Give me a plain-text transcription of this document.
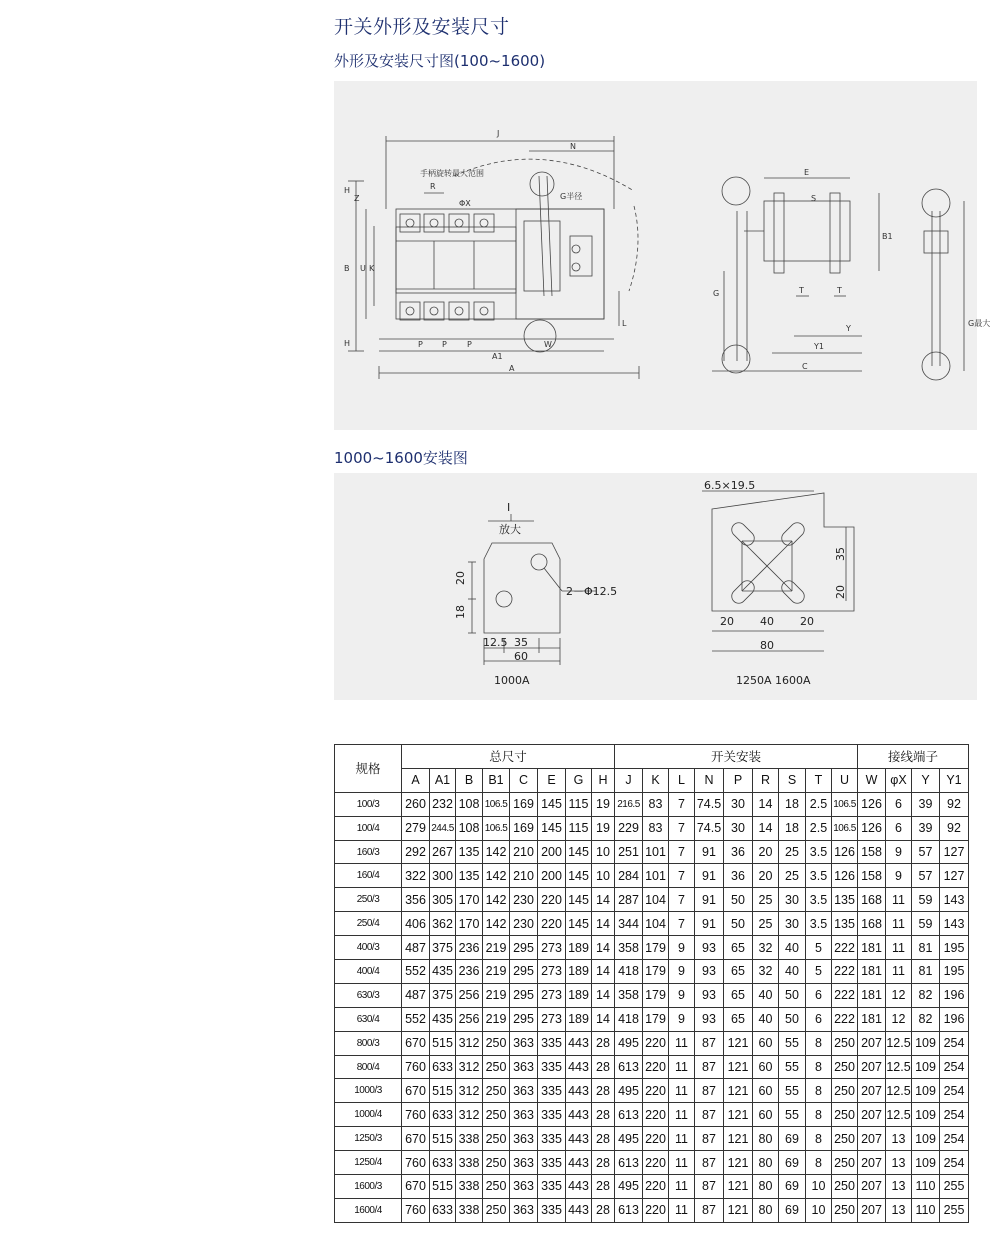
开关外形及安装尺寸
外形及安装尺寸图(100~1600)
手柄旋转最大范围
J
N
R
ΦX
G半径
H
Z
B U K
H	P P	P
A1
W
A
L
E
S
B1
G	T	T
Y
Y1
C
G最大
1000~1600安装图
I
放大
2－Φ12.5
20
18
12.5 35
60
1000A
6.5×19.5
35
20
20 40 20
80
1250A 1600A
规格	总尺寸								开关安装									接线端子			
	A	A1	B	B1	C	E	G	H	J	K	L	N	P	R	S	T	U	W	φX	Y	Y1
100/3	260	232	108	106.5	169	145	115	19	216.5	83	7	74.5	30	14	18	2.5	106.5	126	6	39	92
100/4	279	244.5	108	106.5	169	145	115	19	229	83	7	74.5	30	14	18	2.5	106.5	126	6	39	92
160/3	292	267	135	142	210	200	145	10	251	101	7	91	36	20	25	3.5	126	158	9	57	127
160/4	322	300	135	142	210	200	145	10	284	101	7	91	36	20	25	3.5	126	158	9	57	127
250/3	356	305	170	142	230	220	145	14	287	104	7	91	50	25	30	3.5	135	168	11	59	143
250/4	406	362	170	142	230	220	145	14	344	104	7	91	50	25	30	3.5	135	168	11	59	143
400/3	487	375	236	219	295	273	189	14	358	179	9	93	65	32	40	5	222	181	11	81	195
400/4	552	435	236	219	295	273	189	14	418	179	9	93	65	32	40	5	222	181	11	81	195
630/3	487	375	256	219	295	273	189	14	358	179	9	93	65	40	50	6	222	181	12	82	196
630/4	552	435	256	219	295	273	189	14	418	179	9	93	65	40	50	6	222	181	12	82	196
800/3	670	515	312	250	363	335	443	28	495	220	11	87	121	60	55	8	250	207	12.5	109	254
800/4	760	633	312	250	363	335	443	28	613	220	11	87	121	60	55	8	250	207	12.5	109	254
1000/3	670	515	312	250	363	335	443	28	495	220	11	87	121	60	55	8	250	207	12.5	109	254
1000/4	760	633	312	250	363	335	443	28	613	220	11	87	121	60	55	8	250	207	12.5	109	254
1250/3	670	515	338	250	363	335	443	28	495	220	11	87	121	80	69	8	250	207	13	109	254
1250/4	760	633	338	250	363	335	443	28	613	220	11	87	121	80	69	8	250	207	13	109	254
1600/3	670	515	338	250	363	335	443	28	495	220	11	87	121	80	69	10	250	207	13	110	255
1600/4	760	633	338	250	363	335	443	28	613	220	11	87	121	80	69	10	250	207	13	110	255
